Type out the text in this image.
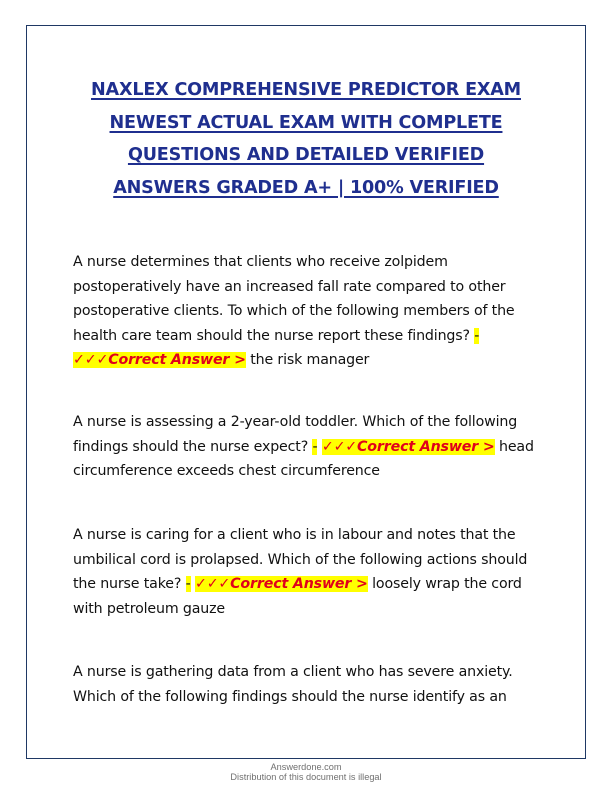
NAXLEX COMPREHENSIVE PREDICTOR EXAM
NEWEST ACTUAL EXAM WITH COMPLETE
QUESTIONS AND DETAILED VERIFIED
ANSWERS GRADED A+ | 100% VERIFIED

A nurse determines that clients who receive zolpidem postoperatively have an increased fall rate compared to other postoperative clients. To which of the following members of the health care team should the nurse report these findings? - ✓✓✓Correct Answer > the risk manager

A nurse is assessing a 2-year-old toddler. Which of the following findings should the nurse expect? - ✓✓✓Correct Answer > head circumference exceeds chest circumference

A nurse is caring for a client who is in labour and notes that the umbilical cord is prolapsed. Which of the following actions should the nurse take? - ✓✓✓Correct Answer > loosely wrap the cord with petroleum gauze

A nurse is gathering data from a client who has severe anxiety. Which of the following findings should the nurse identify as an

Answerdone.com

Distribution of this document is illegal
